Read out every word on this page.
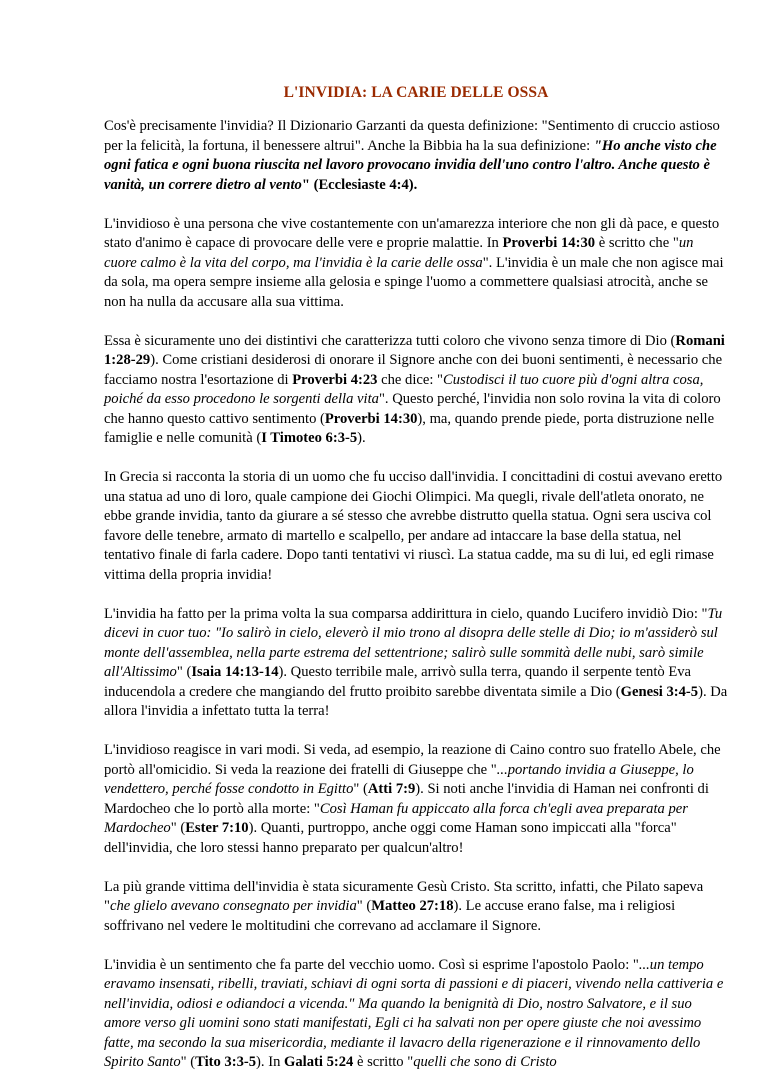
L'INVIDIA: LA CARIE DELLE OSSA

Cos'è precisamente l'invidia? Il Dizionario Garzanti da questa definizione: "Sentimento di cruccio astioso per la felicità, la fortuna, il benessere altrui". Anche la Bibbia ha la sua definizione: "Ho anche visto che ogni fatica e ogni buona riuscita nel lavoro provocano invidia dell'uno contro l'altro. Anche questo è vanità, un correre dietro al vento" (Ecclesiaste 4:4).

L'invidioso è una persona che vive costantemente con un'amarezza interiore che non gli dà pace, e questo stato d'animo è capace di provocare delle vere e proprie malattie. In Proverbi 14:30 è scritto che "un cuore calmo è la vita del corpo, ma l'invidia è la carie delle ossa". L'invidia è un male che non agisce mai da sola, ma opera sempre insieme alla gelosia e spinge l'uomo a commettere qualsiasi atrocità, anche se non ha nulla da accusare alla sua vittima.

Essa è sicuramente uno dei distintivi che caratterizza tutti coloro che vivono senza timore di Dio (Romani 1:28-29). Come cristiani desiderosi di onorare il Signore anche con dei buoni sentimenti, è necessario che facciamo nostra l'esortazione di Proverbi 4:23 che dice: "Custodisci il tuo cuore più d'ogni altra cosa, poiché da esso procedono le sorgenti della vita". Questo perché, l'invidia non solo rovina la vita di coloro che hanno questo cattivo sentimento (Proverbi 14:30), ma, quando prende piede, porta distruzione nelle famiglie e nelle comunità (I Timoteo 6:3-5).

In Grecia si racconta la storia di un uomo che fu ucciso dall'invidia. I concittadini di costui avevano eretto una statua ad uno di loro, quale campione dei Giochi Olimpici. Ma quegli, rivale dell'atleta onorato, ne ebbe grande invidia, tanto da giurare a sé stesso che avrebbe distrutto quella statua. Ogni sera usciva col favore delle tenebre, armato di martello e scalpello, per andare ad intaccare la base della statua, nel tentativo finale di farla cadere. Dopo tanti tentativi vi riuscì. La statua cadde, ma su di lui, ed egli rimase vittima della propria invidia!

L'invidia ha fatto per la prima volta la sua comparsa addirittura in cielo, quando Lucifero invidiò Dio: "Tu dicevi in cuor tuo: "Io salirò in cielo, eleverò il mio trono al disopra delle stelle di Dio; io m'assiderò sul monte dell'assemblea, nella parte estrema del settentrione; salirò sulle sommità delle nubi, sarò simile all'Altissimo" (Isaia 14:13-14). Questo terribile male, arrivò sulla terra, quando il serpente tentò Eva inducendola a credere che mangiando del frutto proibito sarebbe diventata simile a Dio (Genesi 3:4-5). Da allora l'invidia a infettato tutta la terra!

L'invidioso reagisce in vari modi. Si veda, ad esempio, la reazione di Caino contro suo fratello Abele, che portò all'omicidio. Si veda la reazione dei fratelli di Giuseppe che "...portando invidia a Giuseppe, lo vendettero, perché fosse condotto in Egitto" (Atti 7:9). Si noti anche l'invidia di Haman nei confronti di Mardocheo che lo portò alla morte: "Così Haman fu appiccato alla forca ch'egli avea preparata per Mardocheo" (Ester 7:10). Quanti, purtroppo, anche oggi come Haman sono impiccati alla "forca" dell'invidia, che loro stessi hanno preparato per qualcun'altro!

La più grande vittima dell'invidia è stata sicuramente Gesù Cristo. Sta scritto, infatti, che Pilato sapeva "che glielo avevano consegnato per invidia" (Matteo 27:18). Le accuse erano false, ma i religiosi soffrivano nel vedere le moltitudini che correvano ad acclamare il Signore.

L'invidia è un sentimento che fa parte del vecchio uomo. Così si esprime l'apostolo Paolo: "...un tempo eravamo insensati, ribelli, traviati, schiavi di ogni sorta di passioni e di piaceri, vivendo nella cattiveria e nell'invidia, odiosi e odiandoci a vicenda." Ma quando la benignità di Dio, nostro Salvatore, e il suo amore verso gli uomini sono stati manifestati, Egli ci ha salvati non per opere giuste che noi avessimo fatte, ma secondo la sua misericordia, mediante il lavacro della rigenerazione e il rinnovamento dello Spirito Santo" (Tito 3:3-5). In Galati 5:24 è scritto "quelli che sono di Cristo
